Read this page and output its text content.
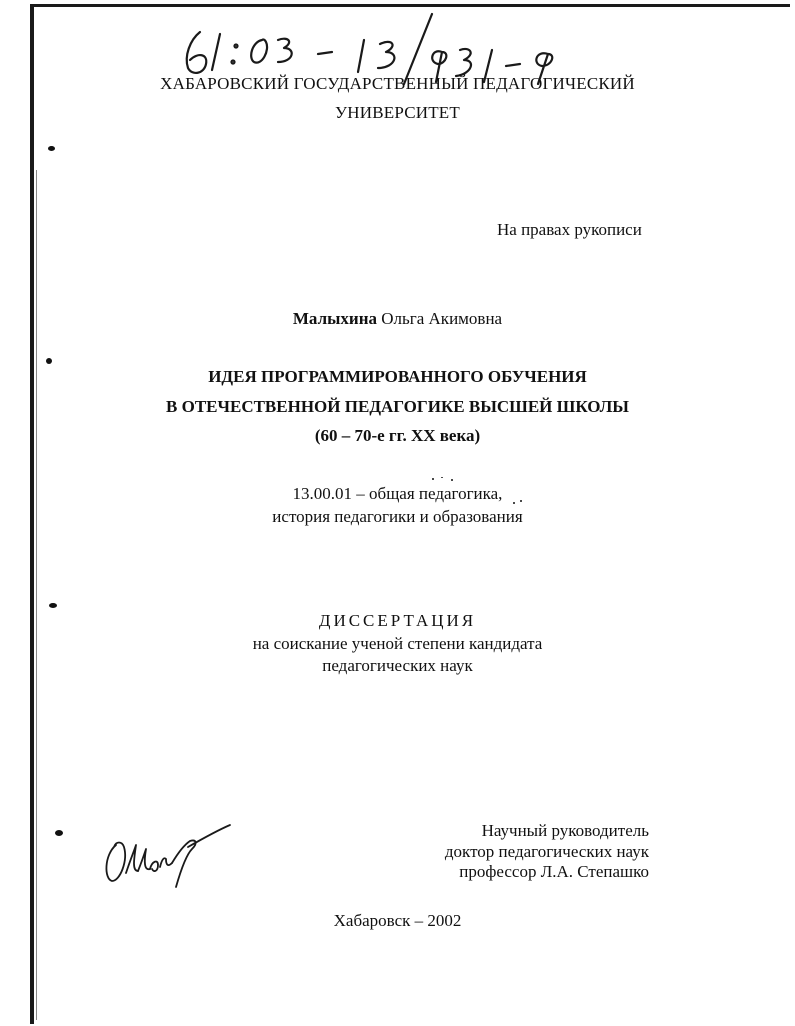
ХАБАРОВСКИЙ ГОСУДАРСТВЕННЫЙ ПЕДАГОГИЧЕСКИЙ
УНИВЕРСИТЕТ
На правах рукописи
Малыхина Ольга Акимовна
ИДЕЯ ПРОГРАММИРОВАННОГО ОБУЧЕНИЯ
В ОТЕЧЕСТВЕННОЙ ПЕДАГОГИКЕ ВЫСШЕЙ ШКОЛЫ
(60 – 70-е гг. XX века)
13.00.01 – общая педагогика,
история педагогики и образования
ДИССЕРТАЦИЯ
на соискание ученой степени кандидата
педагогических наук
Научный руководитель
доктор педагогических наук
профессор Л.А. Степашко
Хабаровск – 2002
